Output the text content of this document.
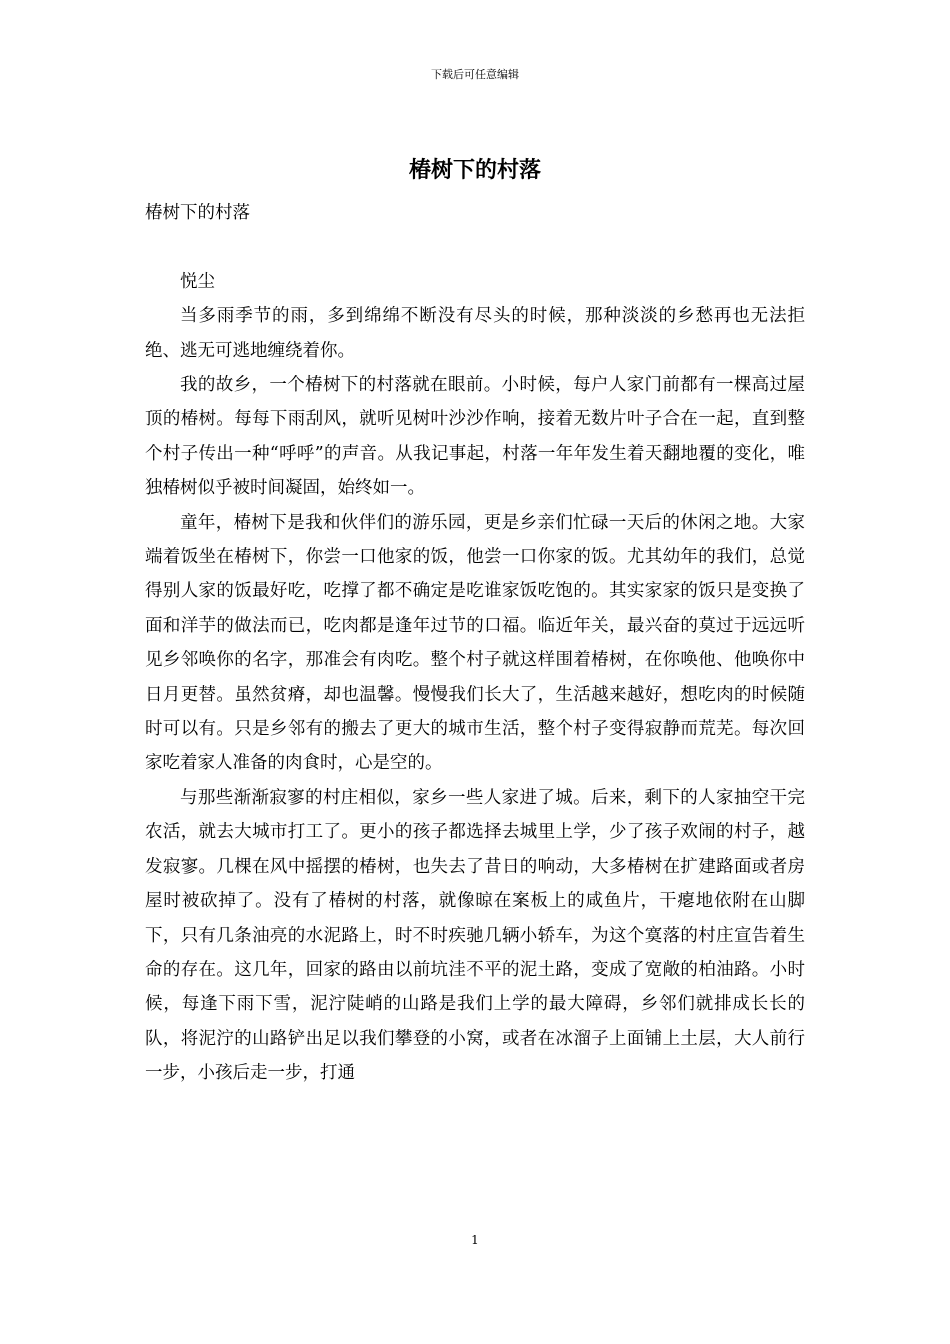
下载后可任意编辑
椿树下的村落

椿树下的村落

悦尘

当多雨季节的雨，多到绵绵不断没有尽头的时候，那种淡淡的乡愁再也无法拒绝、逃无可逃地缠绕着你。

我的故乡，一个椿树下的村落就在眼前。小时候，每户人家门前都有一棵高过屋顶的椿树。每每下雨刮风，就听见树叶沙沙作响，接着无数片叶子合在一起，直到整个村子传出一种“呼呼”的声音。从我记事起，村落一年年发生着天翻地覆的变化，唯独椿树似乎被时间凝固，始终如一。

童年，椿树下是我和伙伴们的游乐园，更是乡亲们忙碌一天后的休闲之地。大家端着饭坐在椿树下，你尝一口他家的饭，他尝一口你家的饭。尤其幼年的我们，总觉得别人家的饭最好吃，吃撑了都不确定是吃谁家饭吃饱的。其实家家的饭只是变换了面和洋芋的做法而已，吃肉都是逢年过节的口福。临近年关，最兴奋的莫过于远远听见乡邻唤你的名字，那准会有肉吃。整个村子就这样围着椿树，在你唤他、他唤你中日月更替。虽然贫瘠，却也温馨。慢慢我们长大了，生活越来越好，想吃肉的时候随时可以有。只是乡邻有的搬去了更大的城市生活，整个村子变得寂静而荒芜。每次回家吃着家人准备的肉食时，心是空的。

与那些渐渐寂寥的村庄相似，家乡一些人家进了城。后来，剩下的人家抽空干完农活，就去大城市打工了。更小的孩子都选择去城里上学，少了孩子欢闹的村子，越发寂寥。几棵在风中摇摆的椿树，也失去了昔日的响动，大多椿树在扩建路面或者房屋时被砍掉了。没有了椿树的村落，就像晾在案板上的咸鱼片，干瘪地依附在山脚下，只有几条油亮的水泥路上，时不时疾驰几辆小轿车，为这个寞落的村庄宣告着生命的存在。这几年，回家的路由以前坑洼不平的泥土路，变成了宽敞的柏油路。小时候，每逢下雨下雪，泥泞陡峭的山路是我们上学的最大障碍，乡邻们就排成长长的队，将泥泞的山路铲出足以我们攀登的小窝，或者在冰溜子上面铺上土层，大人前行一步，小孩后走一步，打通

1
